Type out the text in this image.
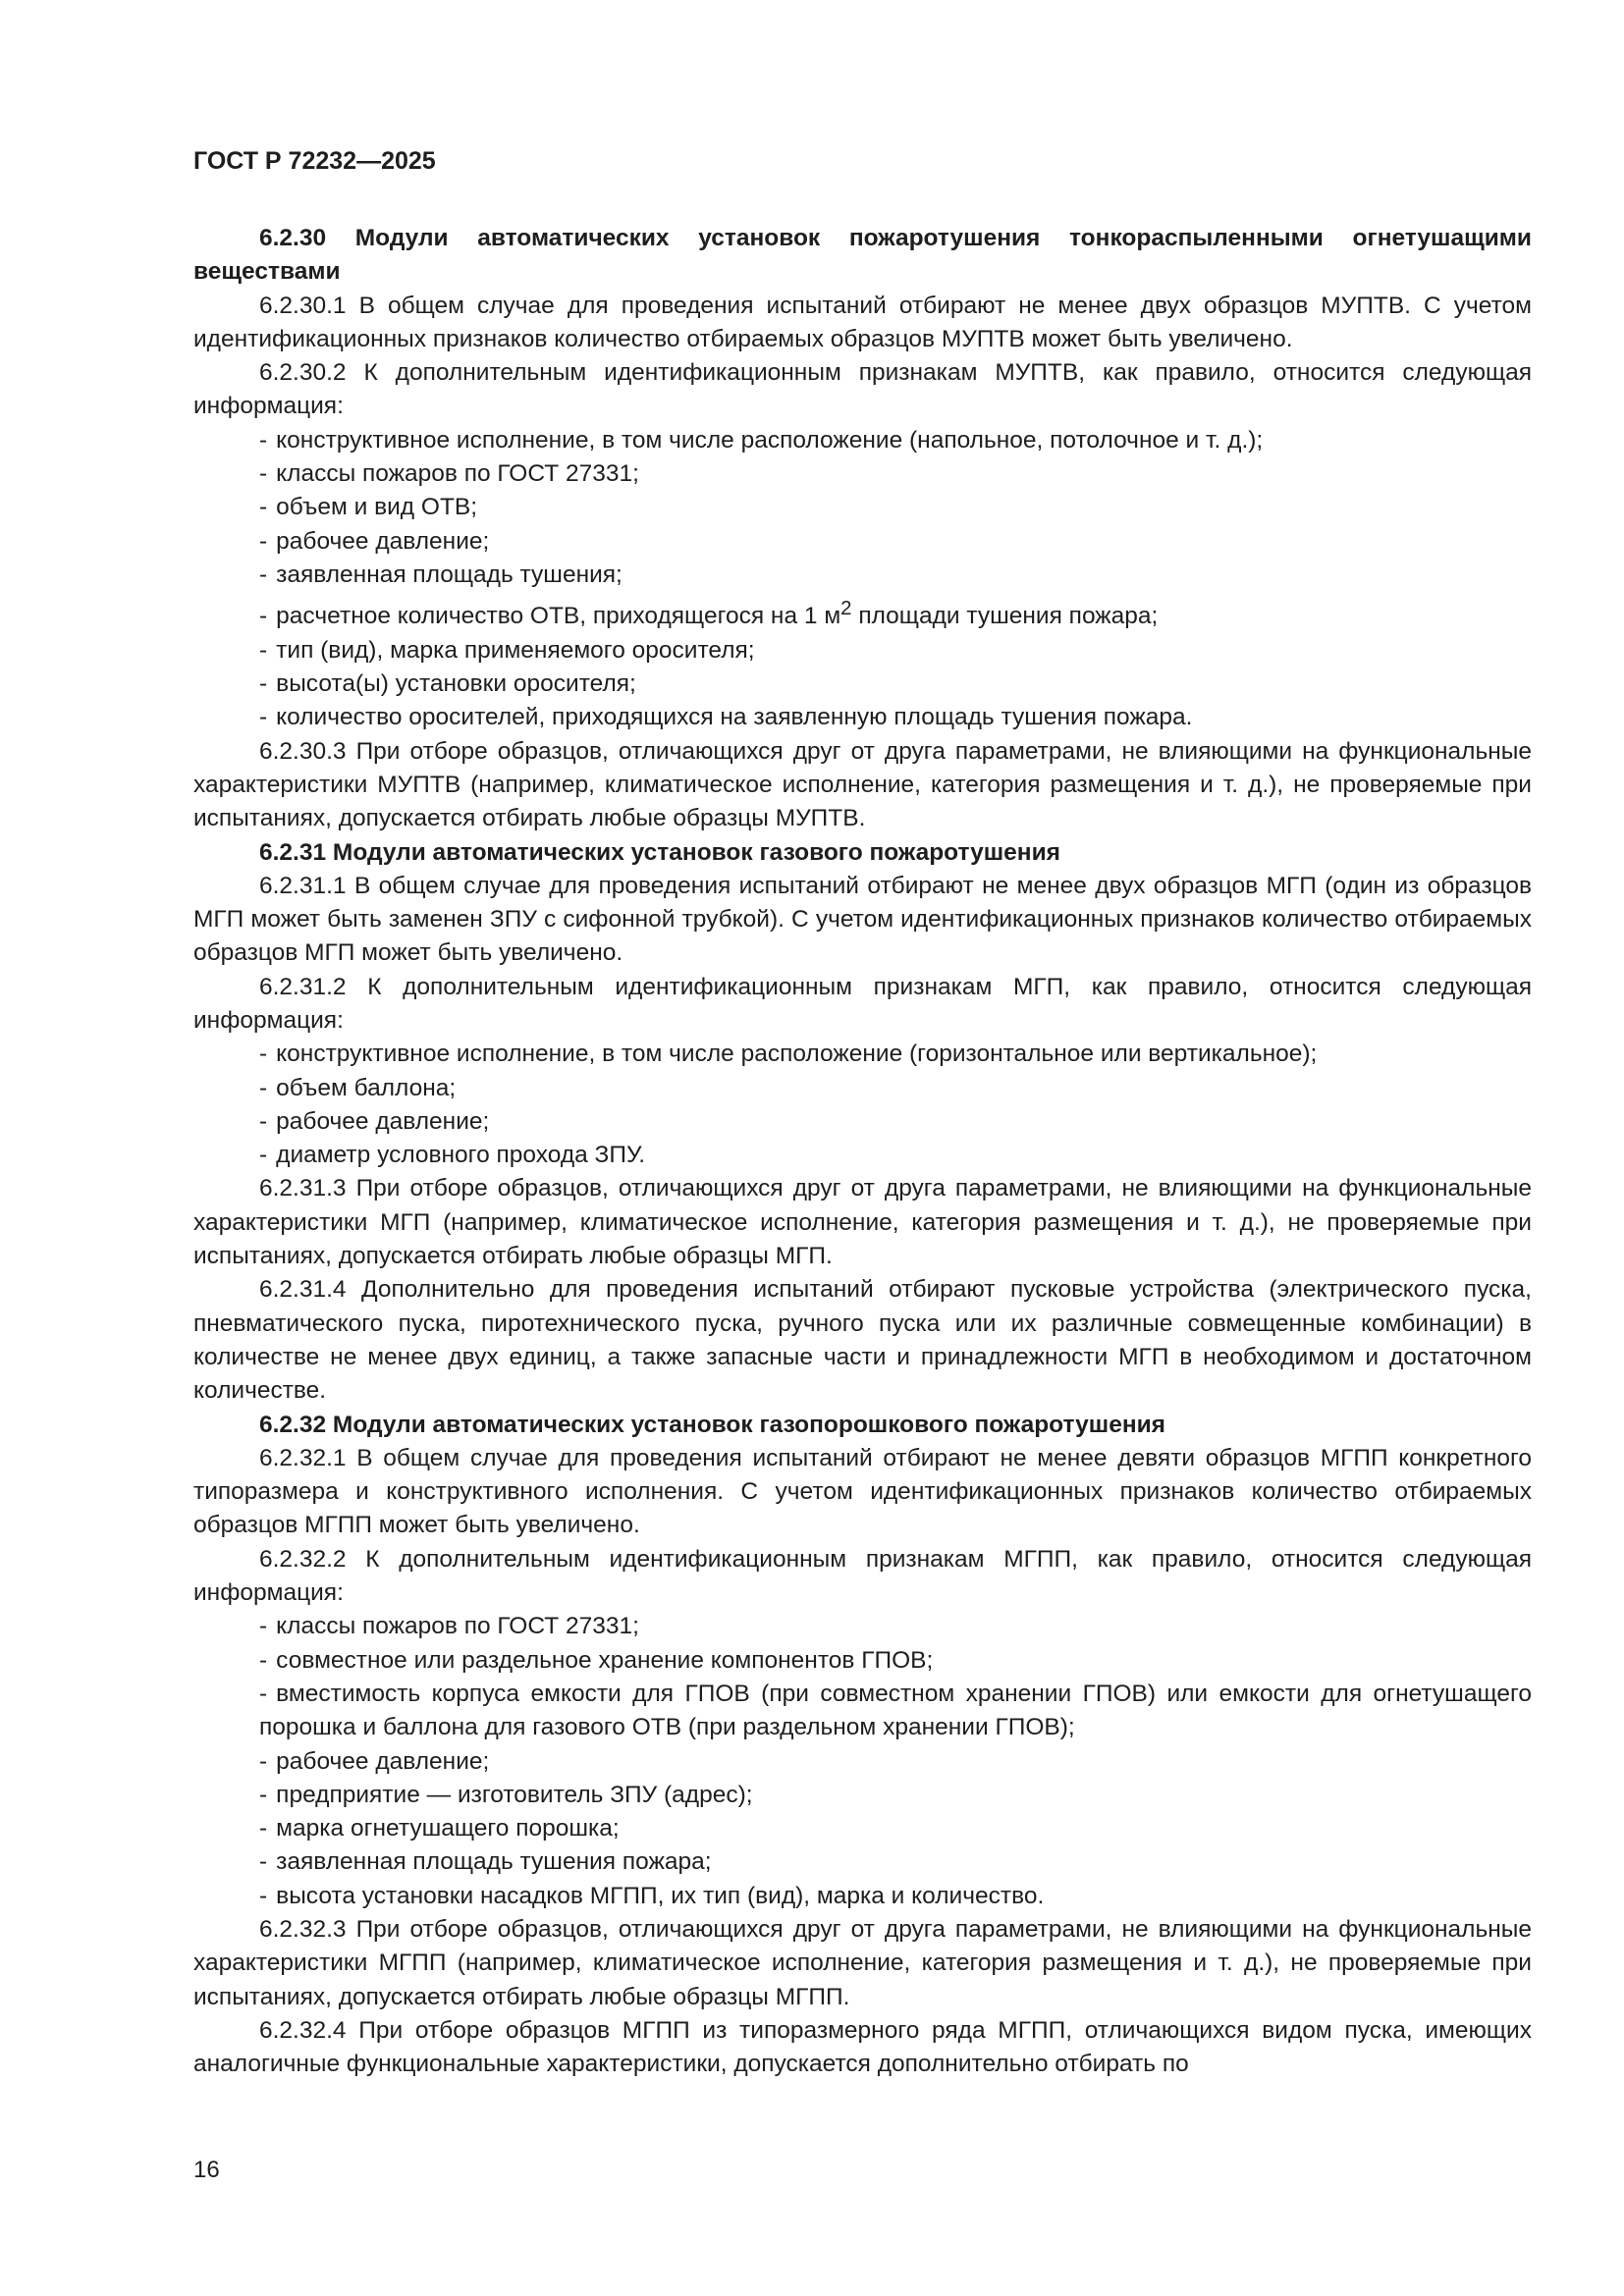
ГОСТ Р 72232—2025

6.2.30 Модули автоматических установок пожаротушения тонкораспыленными огнетушащими веществами

6.2.30.1 В общем случае для проведения испытаний отбирают не менее двух образцов МУПТВ. С учетом идентификационных признаков количество отбираемых образцов МУПТВ может быть увеличено.

6.2.30.2 К дополнительным идентификационным признакам МУПТВ, как правило, относится следующая информация:

- конструктивное исполнение, в том числе расположение (напольное, потолочное и т. д.);
- классы пожаров по ГОСТ 27331;
- объем и вид ОТВ;
- рабочее давление;
- заявленная площадь тушения;
- расчетное количество ОТВ, приходящегося на 1 $м^2$ площади тушения пожара;
- тип (вид), марка применяемого оросителя;
- высота(ы) установки оросителя;
- количество оросителей, приходящихся на заявленную площадь тушения пожара.

6.2.30.3 При отборе образцов, отличающихся друг от друга параметрами, не влияющими на функциональные характеристики МУПТВ (например, климатическое исполнение, категория размещения и т. д.), не проверяемые при испытаниях, допускается отбирать любые образцы МУПТВ.

6.2.31 Модули автоматических установок газового пожаротушения

6.2.31.1 В общем случае для проведения испытаний отбирают не менее двух образцов МГП (один из образцов МГП может быть заменен ЗПУ с сифонной трубкой). С учетом идентификационных признаков количество отбираемых образцов МГП может быть увеличено.

6.2.31.2 К дополнительным идентификационным признакам МГП, как правило, относится следующая информация:

- конструктивное исполнение, в том числе расположение (горизонтальное или вертикальное);
- объем баллона;
- рабочее давление;
- диаметр условного прохода ЗПУ.

6.2.31.3 При отборе образцов, отличающихся друг от друга параметрами, не влияющими на функциональные характеристики МГП (например, климатическое исполнение, категория размещения и т. д.), не проверяемые при испытаниях, допускается отбирать любые образцы МГП.

6.2.31.4 Дополнительно для проведения испытаний отбирают пусковые устройства (электрического пуска, пневматического пуска, пиротехнического пуска, ручного пуска или их различные совмещенные комбинации) в количестве не менее двух единиц, а также запасные части и принадлежности МГП в необходимом и достаточном количестве.

6.2.32 Модули автоматических установок газопорошкового пожаротушения

6.2.32.1 В общем случае для проведения испытаний отбирают не менее девяти образцов МГПП конкретного типоразмера и конструктивного исполнения. С учетом идентификационных признаков количество отбираемых образцов МГПП может быть увеличено.

6.2.32.2 К дополнительным идентификационным признакам МГПП, как правило, относится следующая информация:

- классы пожаров по ГОСТ 27331;
- совместное или раздельное хранение компонентов ГПОВ;
- вместимость корпуса емкости для ГПОВ (при совместном хранении ГПОВ) или емкости для огнетушащего порошка и баллона для газового ОТВ (при раздельном хранении ГПОВ);
- рабочее давление;
- предприятие — изготовитель ЗПУ (адрес);
- марка огнетушащего порошка;
- заявленная площадь тушения пожара;
- высота установки насадков МГПП, их тип (вид), марка и количество.

6.2.32.3 При отборе образцов, отличающихся друг от друга параметрами, не влияющими на функциональные характеристики МГПП (например, климатическое исполнение, категория размещения и т. д.), не проверяемые при испытаниях, допускается отбирать любые образцы МГПП.

6.2.32.4 При отборе образцов МГПП из типоразмерного ряда МГПП, отличающихся видом пуска, имеющих аналогичные функциональные характеристики, допускается дополнительно отбирать по

16
